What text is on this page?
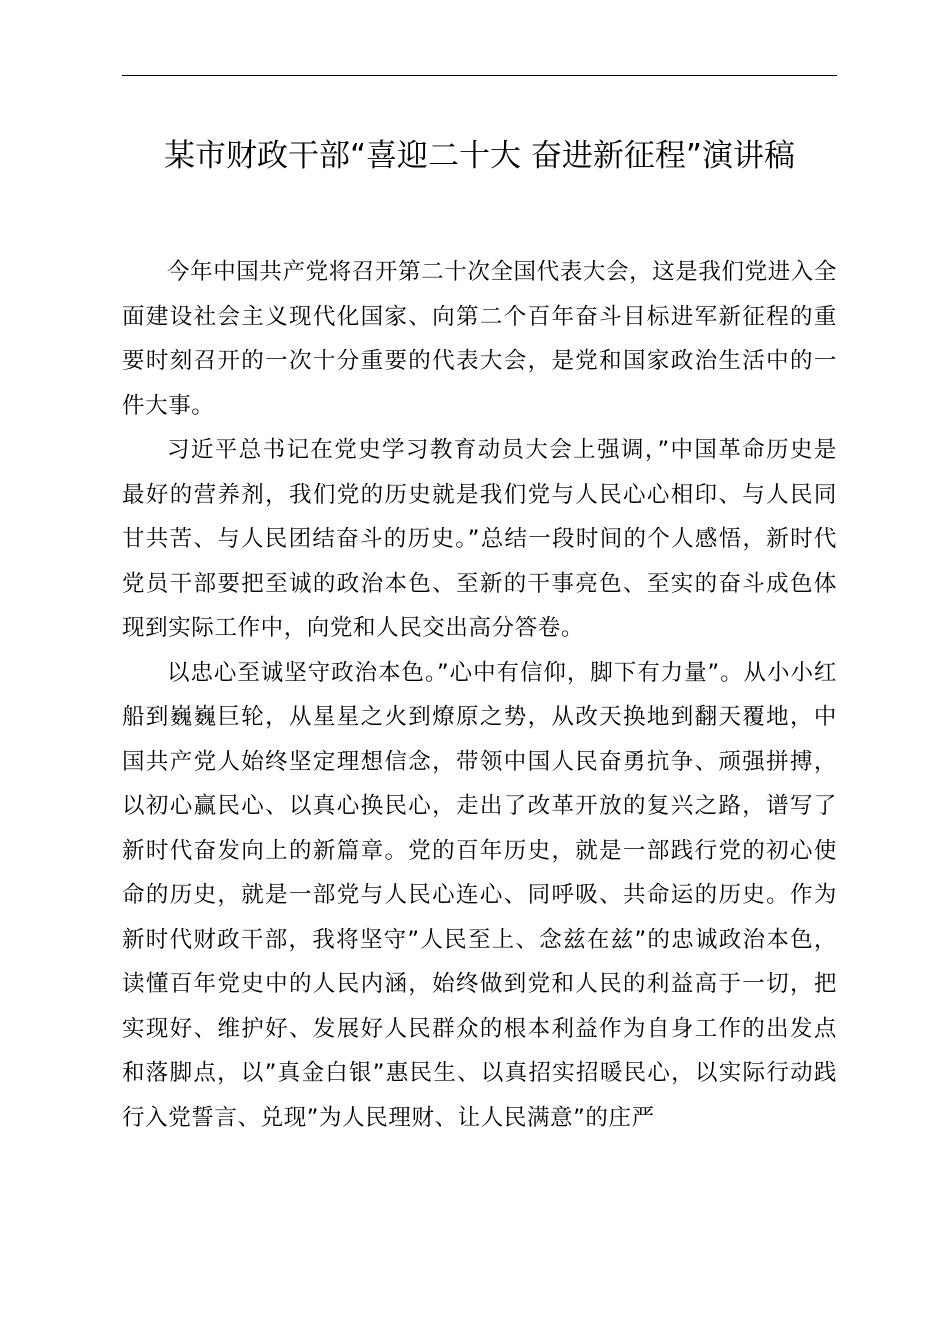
某市财政干部“喜迎二十大 奋进新征程”演讲稿

今年中国共产党将召开第二十次全国代表大会，这是我们党进入全面建设社会主义现代化国家、向第二个百年奋斗目标进军新征程的重要时刻召开的一次十分重要的代表大会，是党和国家政治生活中的一件大事。

习近平总书记在党史学习教育动员大会上强调，”中国革命历史是最好的营养剂，我们党的历史就是我们党与人民心心相印、与人民同甘共苦、与人民团结奋斗的历史。”总结一段时间的个人感悟，新时代党员干部要把至诚的政治本色、至新的干事亮色、至实的奋斗成色体现到实际工作中，向党和人民交出高分答卷。

以忠心至诚坚守政治本色。”心中有信仰，脚下有力量”。从小小红船到巍巍巨轮，从星星之火到燎原之势，从改天换地到翻天覆地，中国共产党人始终坚定理想信念，带领中国人民奋勇抗争、顽强拼搏，以初心赢民心、以真心换民心，走出了改革开放的复兴之路，谱写了新时代奋发向上的新篇章。党的百年历史，就是一部践行党的初心使命的历史，就是一部党与人民心连心、同呼吸、共命运的历史。作为新时代财政干部，我将坚守”人民至上、念兹在兹”的忠诚政治本色，读懂百年党史中的人民内涵，始终做到党和人民的利益高于一切，把实现好、维护好、发展好人民群众的根本利益作为自身工作的出发点和落脚点，以”真金白银”惠民生、以真招实招暖民心，以实际行动践行入党誓言、兑现”为人民理财、让人民满意”的庄严
